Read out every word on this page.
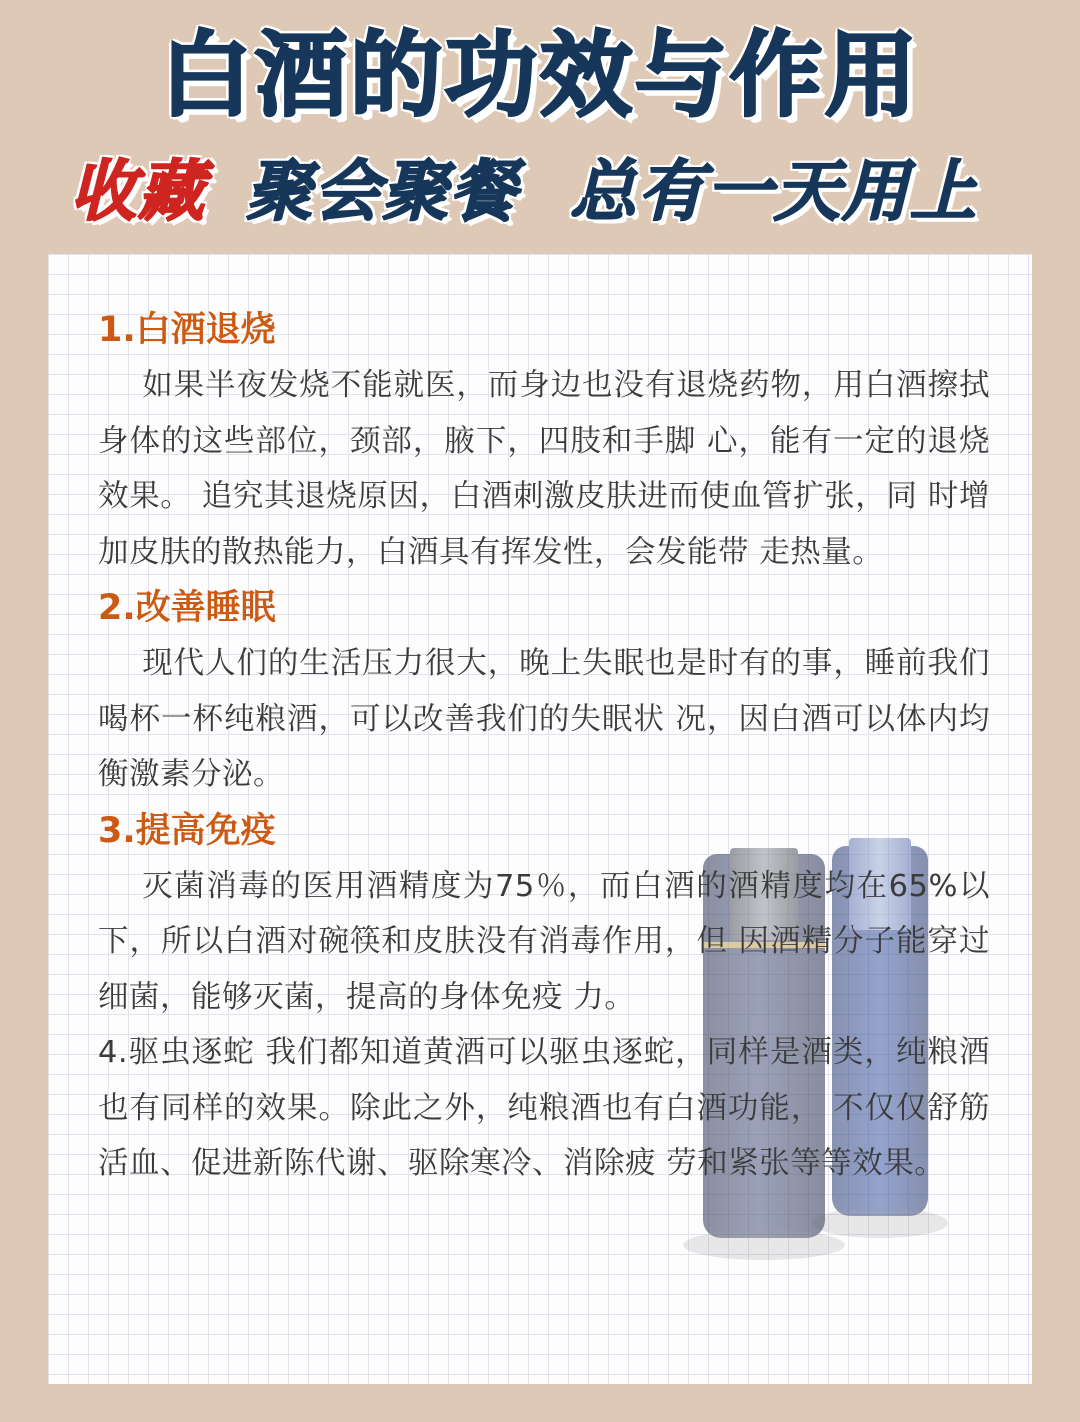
白酒的功效与作用
收藏 聚会聚餐 总有一天用上
1.白酒退烧

如果半夜发烧不能就医，而身边也没有退烧药物，用白酒擦拭身体的这些部位，颈部，腋下，四肢和手脚 心，能有一定的退烧效果。 追究其退烧原因，白酒刺激皮肤进而使血管扩张，同 时增加皮肤的散热能力，白酒具有挥发性，会发能带 走热量。

2.改善睡眠

现代人们的生活压力很大，晚上失眠也是时有的事，睡前我们喝杯一杯纯粮酒，可以改善我们的失眠状 况，因白酒可以体内均衡激素分泌。

3.提高免疫

灭菌消毒的医用酒精度为75％，而白酒的酒精度均在65%以下，所以白酒对碗筷和皮肤没有消毒作用，但 因酒精分子能穿过细菌，能够灭菌，提高的身体免疫 力。

4.驱虫逐蛇 我们都知道黄酒可以驱虫逐蛇，同样是酒类，纯粮酒 也有同样的效果。除此之外，纯粮酒也有白酒功能， 不仅仅舒筋活血、促进新陈代谢、驱除寒冷、消除疲 劳和紧张等等效果。
